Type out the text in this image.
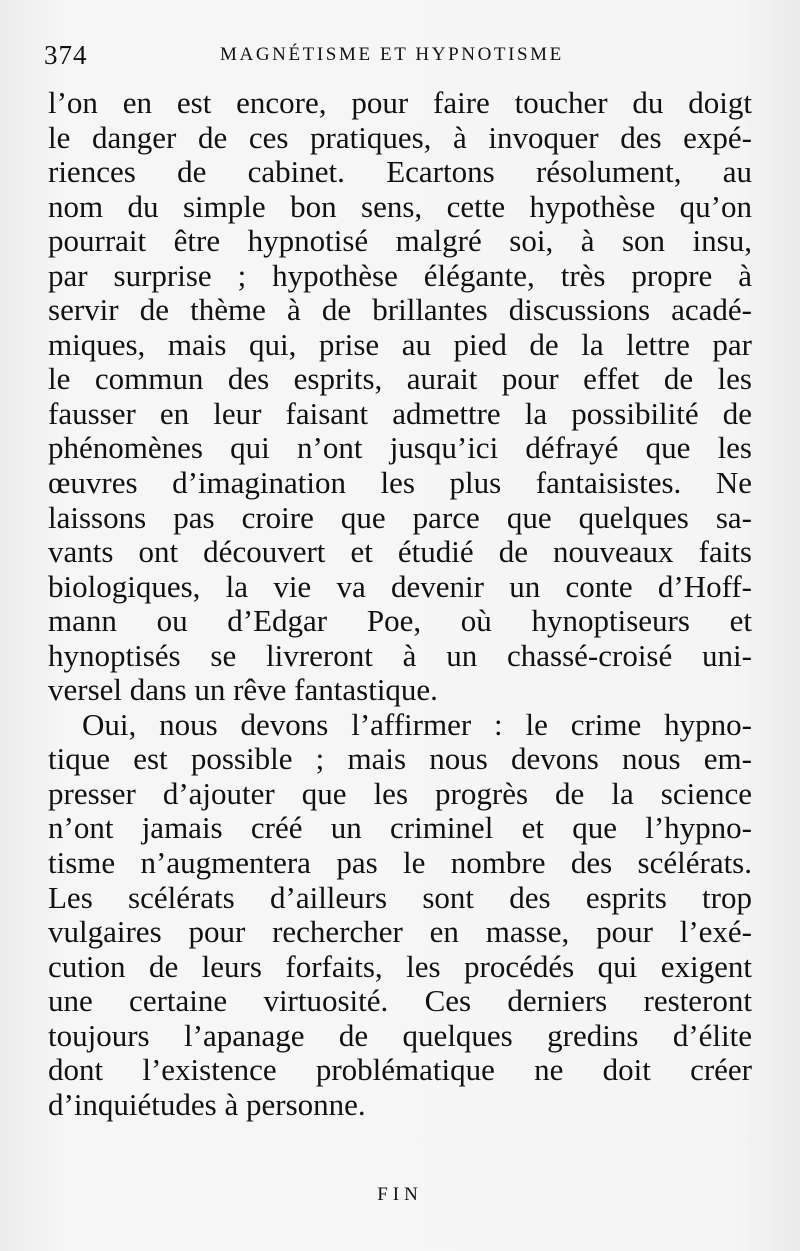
374	MAGNÉTISME ET HYPNOTISME
l’on en est encore, pour faire toucher du doigt
le danger de ces pratiques, à invoquer des expé-
riences de cabinet. Ecartons résolument, au
nom du simple bon sens, cette hypothèse qu’on
pourrait être hypnotisé malgré soi, à son insu,
par surprise ; hypothèse élégante, très propre à
servir de thème à de brillantes discussions acadé-
miques, mais qui, prise au pied de la lettre par
le commun des esprits, aurait pour effet de les
fausser en leur faisant admettre la possibilité de
phénomènes qui n’ont jusqu’ici défrayé que les
œuvres d’imagination les plus fantaisistes. Ne
laissons pas croire que parce que quelques sa-
vants ont découvert et étudié de nouveaux faits
biologiques, la vie va devenir un conte d’Hoff-
mann ou d’Edgar Poe, où hynoptiseurs et
hynoptisés se livreront à un chassé-croisé uni-
versel dans un rêve fantastique.
Oui, nous devons l’affirmer : le crime hypno-
tique est possible ; mais nous devons nous em-
presser d’ajouter que les progrès de la science
n’ont jamais créé un criminel et que l’hypno-
tisme n’augmentera pas le nombre des scélérats.
Les scélérats d’ailleurs sont des esprits trop
vulgaires pour rechercher en masse, pour l’exé-
cution de leurs forfaits, les procédés qui exigent
une certaine virtuosité. Ces derniers resteront
toujours l’apanage de quelques gredins d’élite
dont l’existence problématique ne doit créer
d’inquiétudes à personne.
FIN
